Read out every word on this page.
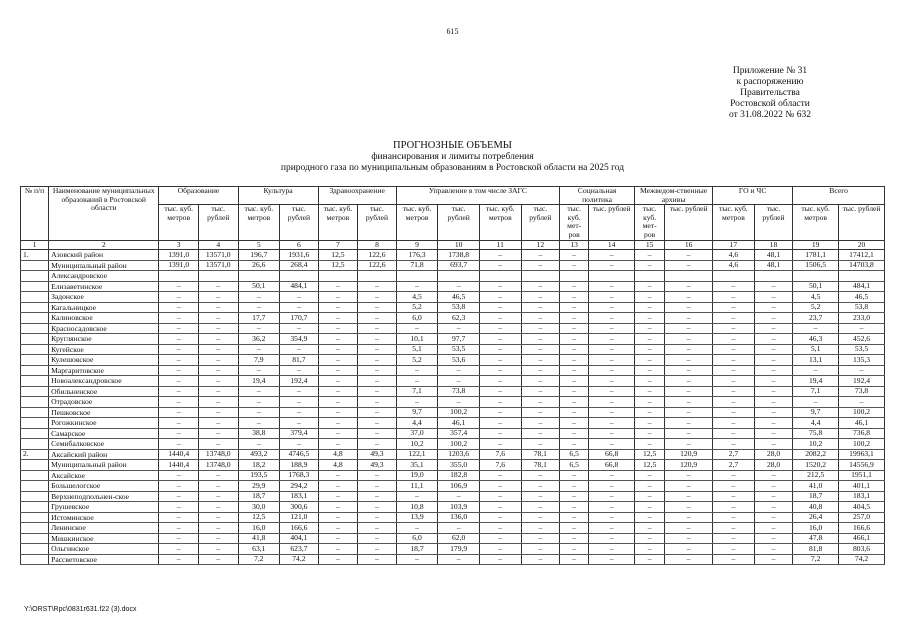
615
Приложение № 31
к распоряжению
Правительства
Ростовской области
от 31.08.2022 № 632
ПРОГНОЗНЫЕ ОБЪЕМЫ
финансирования и лимиты потребления
природного газа по муниципальным образованиям в Ростовской области на 2025 год
№ п/п	Наименование муниципальных образований в Ростовской области	Образование		Культура		Здравоохранение		Управление в том числе ЗАГС				Социальная политика		Межведом-ственные архивы		ГО и ЧС		Всего	
		тыс. куб. метров	тыс. рублей	тыс. куб. метров	тыс. рублей	тыс. куб. метров	тыс. рублей	тыс. куб. метров	тыс. рублей	тыс. куб. метров	тыс. рублей	тыс. куб. мет-ров	тыс. рублей	тыс. куб. мет-ров	тыс. рублей	тыс. куб. метров	тыс. рублей	тыс. куб. метров	тыс. рублей
1	2	3	4	5	6	7	8	9	10	11	12	13	14	15	16	17	18	19	20
1.	Азовский район	1391,0	13571,0	196,7	1931,6	12,5	122,6	176,3	1738,8	–	–	–	–	–	–	4,6	48,1	1781,1	17412,1
	Муниципальный район	1391,0	13571,0	26,6	268,4	12,5	122,6	71,8	693,7	–	–	–	–	–	–	4,6	48,1	1506,5	14703,8
	Александровское																		
	Елизаветинское	–	–	50,1	484,1	–	–	–	–	–	–	–	–	–	–	–	–	50,1	484,1
	Задонское	–	–	–	–	–	–	4,5	46,5	–	–	–	–	–	–	–	–	4,5	46,5
	Кагальницкое	–	–	–	–	–	–	5,2	53,8	–	–	–	–	–	–	–	–	5,2	53,8
	Калиновское	–	–	17,7	170,7	–	–	6,0	62,3	–	–	–	–	–	–	–	–	23,7	233,0
	Красносадовское	–	–	–	–	–	–	–	–	–	–	–	–	–	–	–	–	–	–
	Круглянское	–	–	36,2	354,9	–	–	10,1	97,7	–	–	–	–	–	–	–	–	46,3	452,6
	Кугейское	–	–	–	–	–	–	5,1	53,5	–	–	–	–	–	–	–	–	5,1	53,5
	Кулешовское	–	–	7,9	81,7	–	–	5,2	53,6	–	–	–	–	–	–	–	–	13,1	135,3
	Маргаритовское	–	–	–	–	–	–	–	–	–	–	–	–	–	–	–	–	–	–
	Новоалександровское	–	–	19,4	192,4	–	–	–	–	–	–	–	–	–	–	–	–	19,4	192,4
	Обильненское	–	–	–	–	–	–	7,1	73,8	–	–	–	–	–	–	–	–	7,1	73,8
	Отрадовское	–	–	–	–	–	–	–	–	–	–	–	–	–	–	–	–	–	–
	Пешковское	–	–	–	–	–	–	9,7	100,2	–	–	–	–	–	–	–	–	9,7	100,2
	Рогожкинское	–	–	–	–	–	–	4,4	46,1	–	–	–	–	–	–	–	–	4,4	46,1
	Самарское	–	–	38,8	379,4	–	–	37,0	357,4	–	–	–	–	–	–	–	–	75,8	736,8
	Семибалковское	–	–	–	–	–	–	10,2	100,2	–	–	–	–	–	–	–	–	10,2	100,2
2.	Аксайский район	1440,4	13748,0	493,2	4746,5	4,8	49,3	122,1	1203,6	7,6	78,1	6,5	66,8	12,5	120,9	2,7	28,0	2082,2	19963,1
	Муниципальный район	1440,4	13748,0	18,2	188,9	4,8	49,3	35,1	355,0	7,6	78,1	6,5	66,8	12,5	120,9	2,7	28,0	1520,2	14556,9
	Аксайское	–	–	193,5	1768,3	–	–	19,0	182,8	–	–	–	–	–	–	–	–	212,5	1951,1
	Большелогское	–	–	29,9	294,2	–	–	11,1	106,9	–	–	–	–	–	–	–	–	41,0	401,1
	Верхнеподпольнен-ское	–	–	18,7	183,1	–	–	–	–	–	–	–	–	–	–	–	–	18,7	183,1
	Грушевское	–	–	30,0	300,6	–	–	10,8	103,9	–	–	–	–	–	–	–	–	40,8	404,5
	Истоминское	–	–	12,5	121,0	–	–	13,9	136,0	–	–	–	–	–	–	–	–	26,4	257,0
	Ленинское	–	–	16,0	166,6	–	–	–	–	–	–	–	–	–	–	–	–	16,0	166,6
	Мишкинское	–	–	41,8	404,1	–	–	6,0	62,0	–	–	–	–	–	–	–	–	47,8	466,1
	Ольгинское	–	–	63,1	623,7	–	–	18,7	179,9	–	–	–	–	–	–	–	–	81,8	803,6
	Рассветовское	–	–	7,2	74,2	–	–	–	–	–	–	–	–	–	–	–	–	7,2	74,2
Y:\ORST\Rpc\0831r631.f22 (3).docx
